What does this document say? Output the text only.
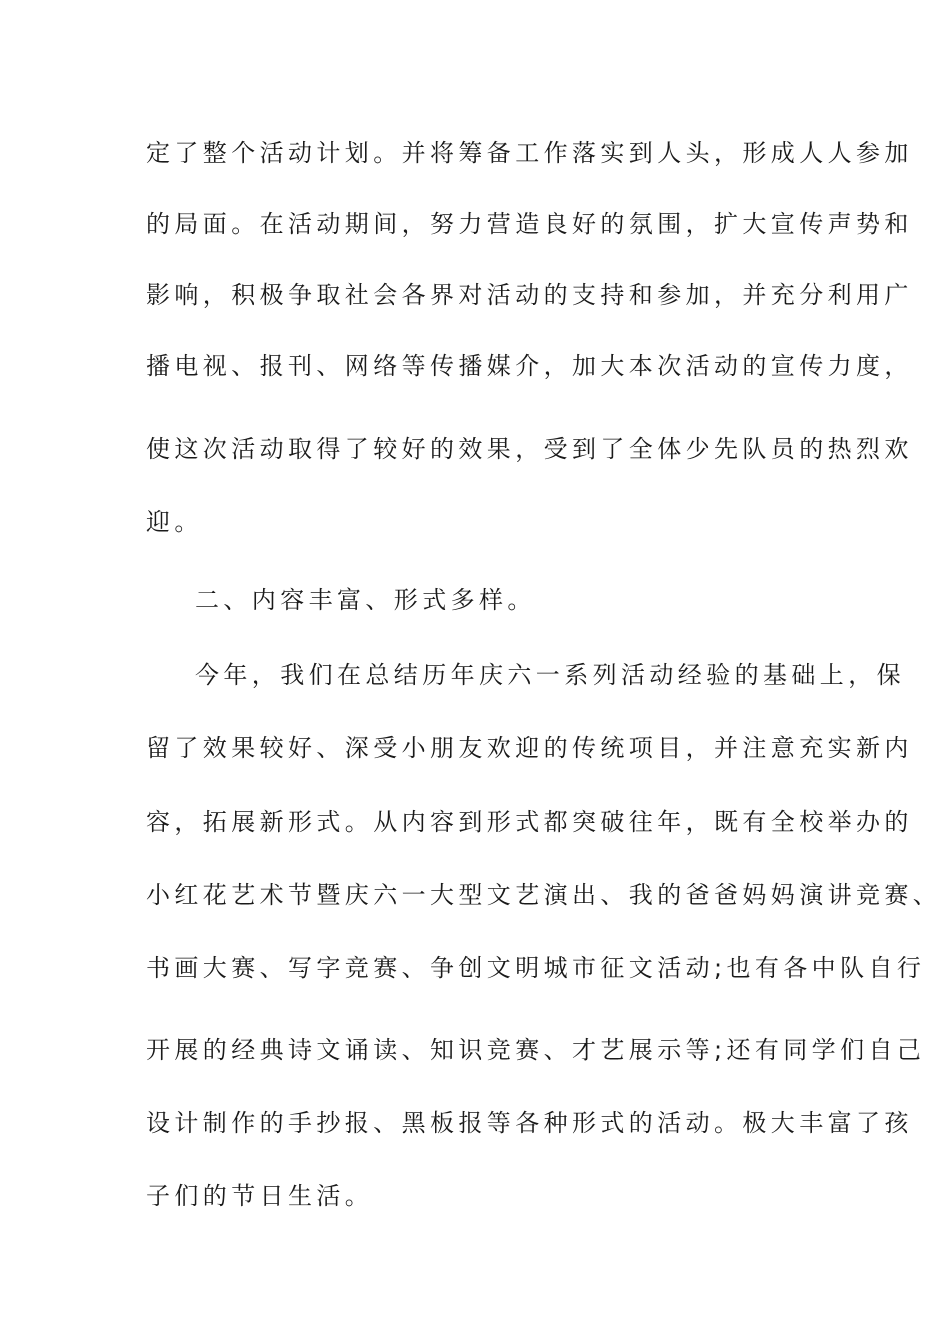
定了整个活动计划。并将筹备工作落实到人头，形成人人参加
的局面。在活动期间，努力营造良好的氛围，扩大宣传声势和
影响，积极争取社会各界对活动的支持和参加，并充分利用广
播电视、报刊、网络等传播媒介，加大本次活动的宣传力度，
使这次活动取得了较好的效果，受到了全体少先队员的热烈欢
迎。
二、内容丰富、形式多样。
今年，我们在总结历年庆六一系列活动经验的基础上，保
留了效果较好、深受小朋友欢迎的传统项目，并注意充实新内
容，拓展新形式。从内容到形式都突破往年，既有全校举办的
小红花艺术节暨庆六一大型文艺演出、我的爸爸妈妈演讲竞赛、
书画大赛、写字竞赛、争创文明城市征文活动;也有各中队自行
开展的经典诗文诵读、知识竞赛、才艺展示等;还有同学们自己
设计制作的手抄报、黑板报等各种形式的活动。极大丰富了孩
子们的节日生活。
